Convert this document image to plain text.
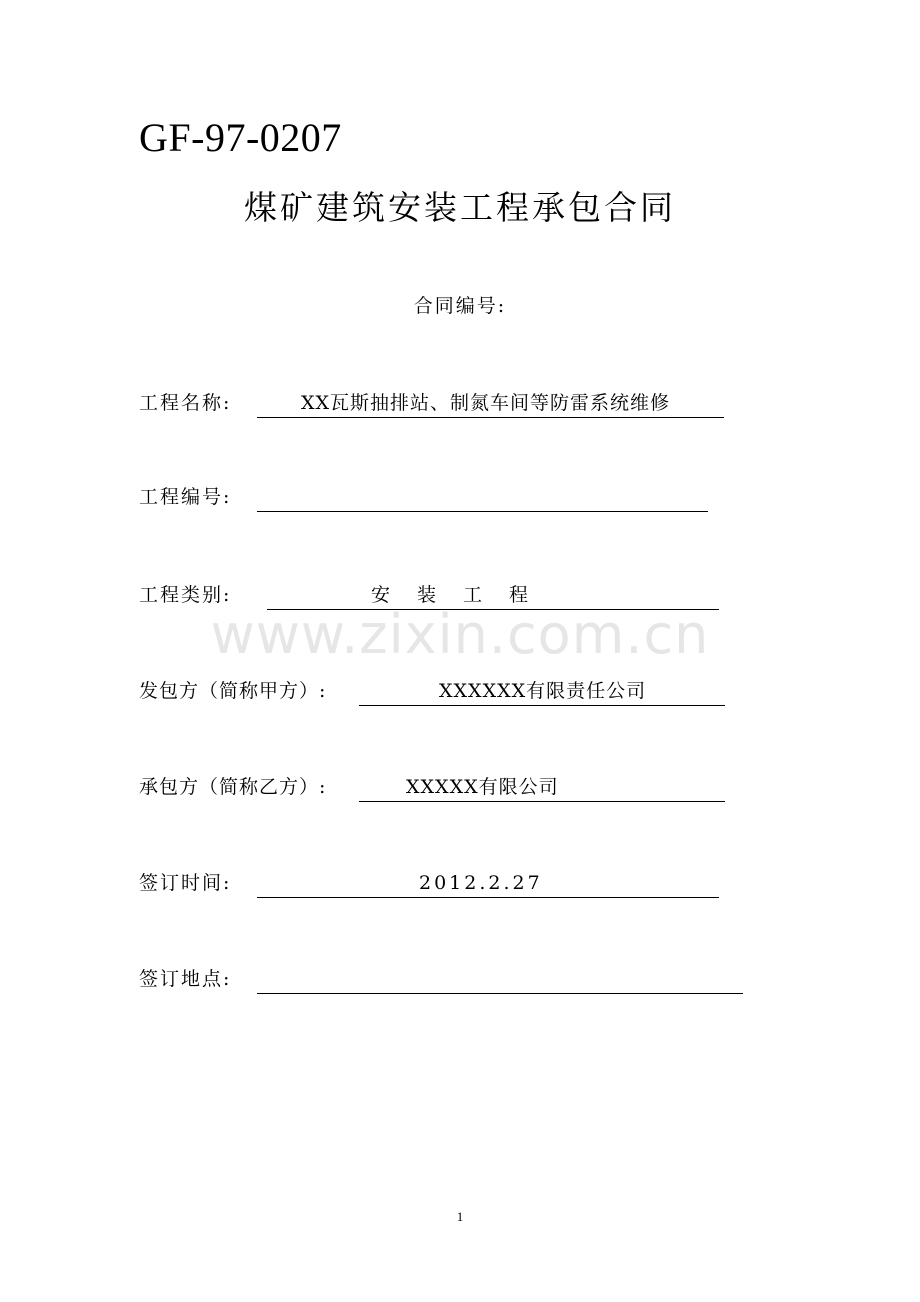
GF-97-0207
煤矿建筑安装工程承包合同
合同编号:
工程名称:	XX瓦斯抽排站、制氮车间等防雷系统维修
工程编号:
工程类别:	安　装　工　程
发包方（简称甲方）:	XXXXXX有限责任公司
承包方（简称乙方）:	XXXXX有限公司
签订时间:	2012.2.27
签订地点:
www.zixin.com.cn
1
